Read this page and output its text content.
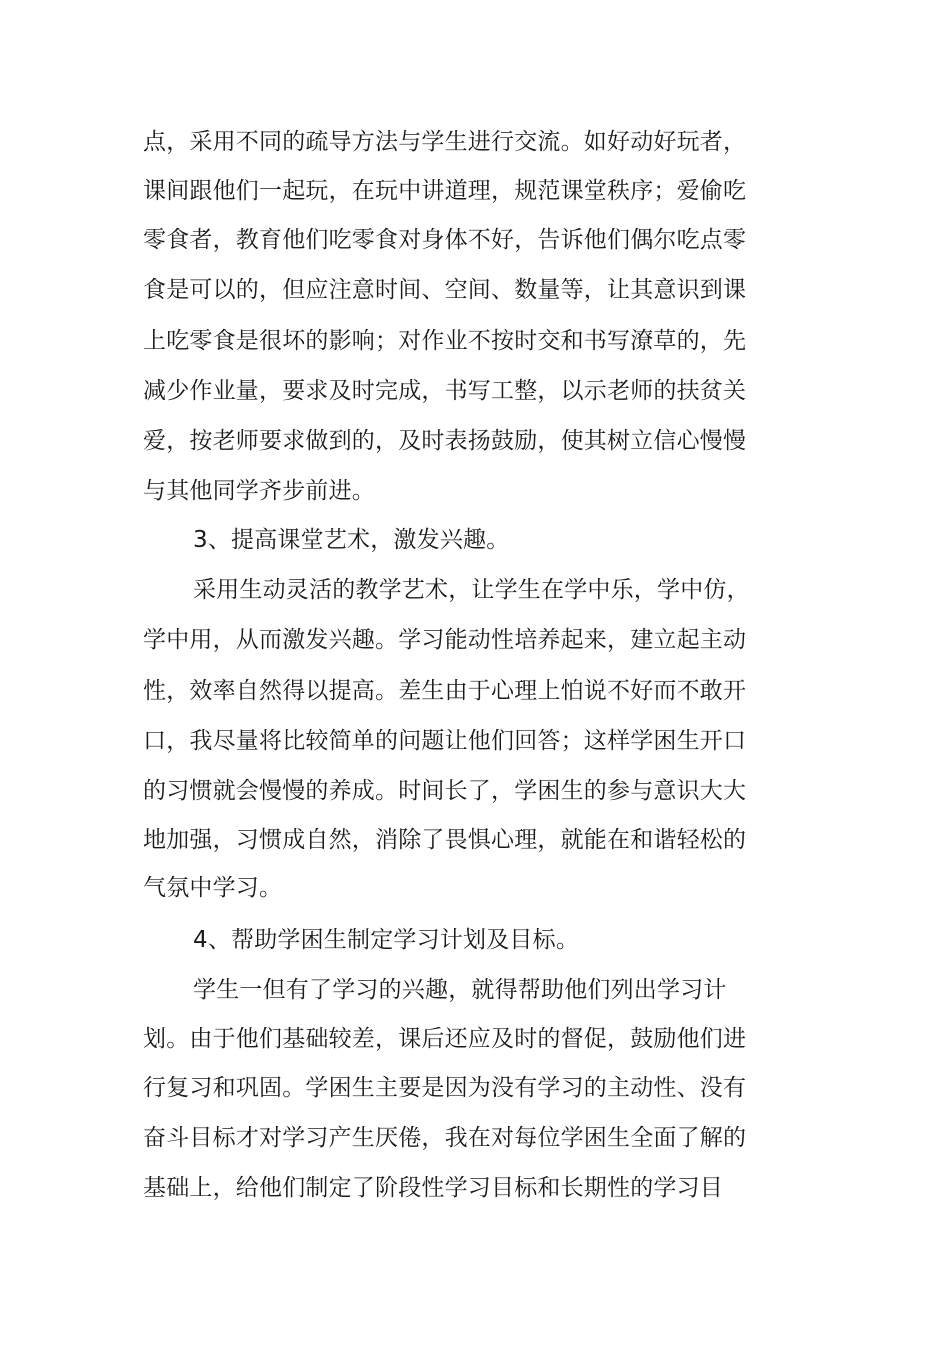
点，采用不同的疏导方法与学生进行交流。如好动好玩者，
课间跟他们一起玩，在玩中讲道理，规范课堂秩序；爱偷吃
零食者，教育他们吃零食对身体不好，告诉他们偶尔吃点零
食是可以的，但应注意时间、空间、数量等，让其意识到课
上吃零食是很坏的影响；对作业不按时交和书写潦草的，先
减少作业量，要求及时完成，书写工整，以示老师的扶贫关
爱，按老师要求做到的，及时表扬鼓励，使其树立信心慢慢
与其他同学齐步前进。
3、提高课堂艺术，激发兴趣。
采用生动灵活的教学艺术，让学生在学中乐，学中仿，
学中用，从而激发兴趣。学习能动性培养起来，建立起主动
性，效率自然得以提高。差生由于心理上怕说不好而不敢开
口，我尽量将比较简单的问题让他们回答；这样学困生开口
的习惯就会慢慢的养成。时间长了，学困生的参与意识大大
地加强，习惯成自然，消除了畏惧心理，就能在和谐轻松的
气氛中学习。
4、帮助学困生制定学习计划及目标。
学生一但有了学习的兴趣，就得帮助他们列出学习计
划。由于他们基础较差，课后还应及时的督促，鼓励他们进
行复习和巩固。学困生主要是因为没有学习的主动性、没有
奋斗目标才对学习产生厌倦，我在对每位学困生全面了解的
基础上，给他们制定了阶段性学习目标和长期性的学习目
